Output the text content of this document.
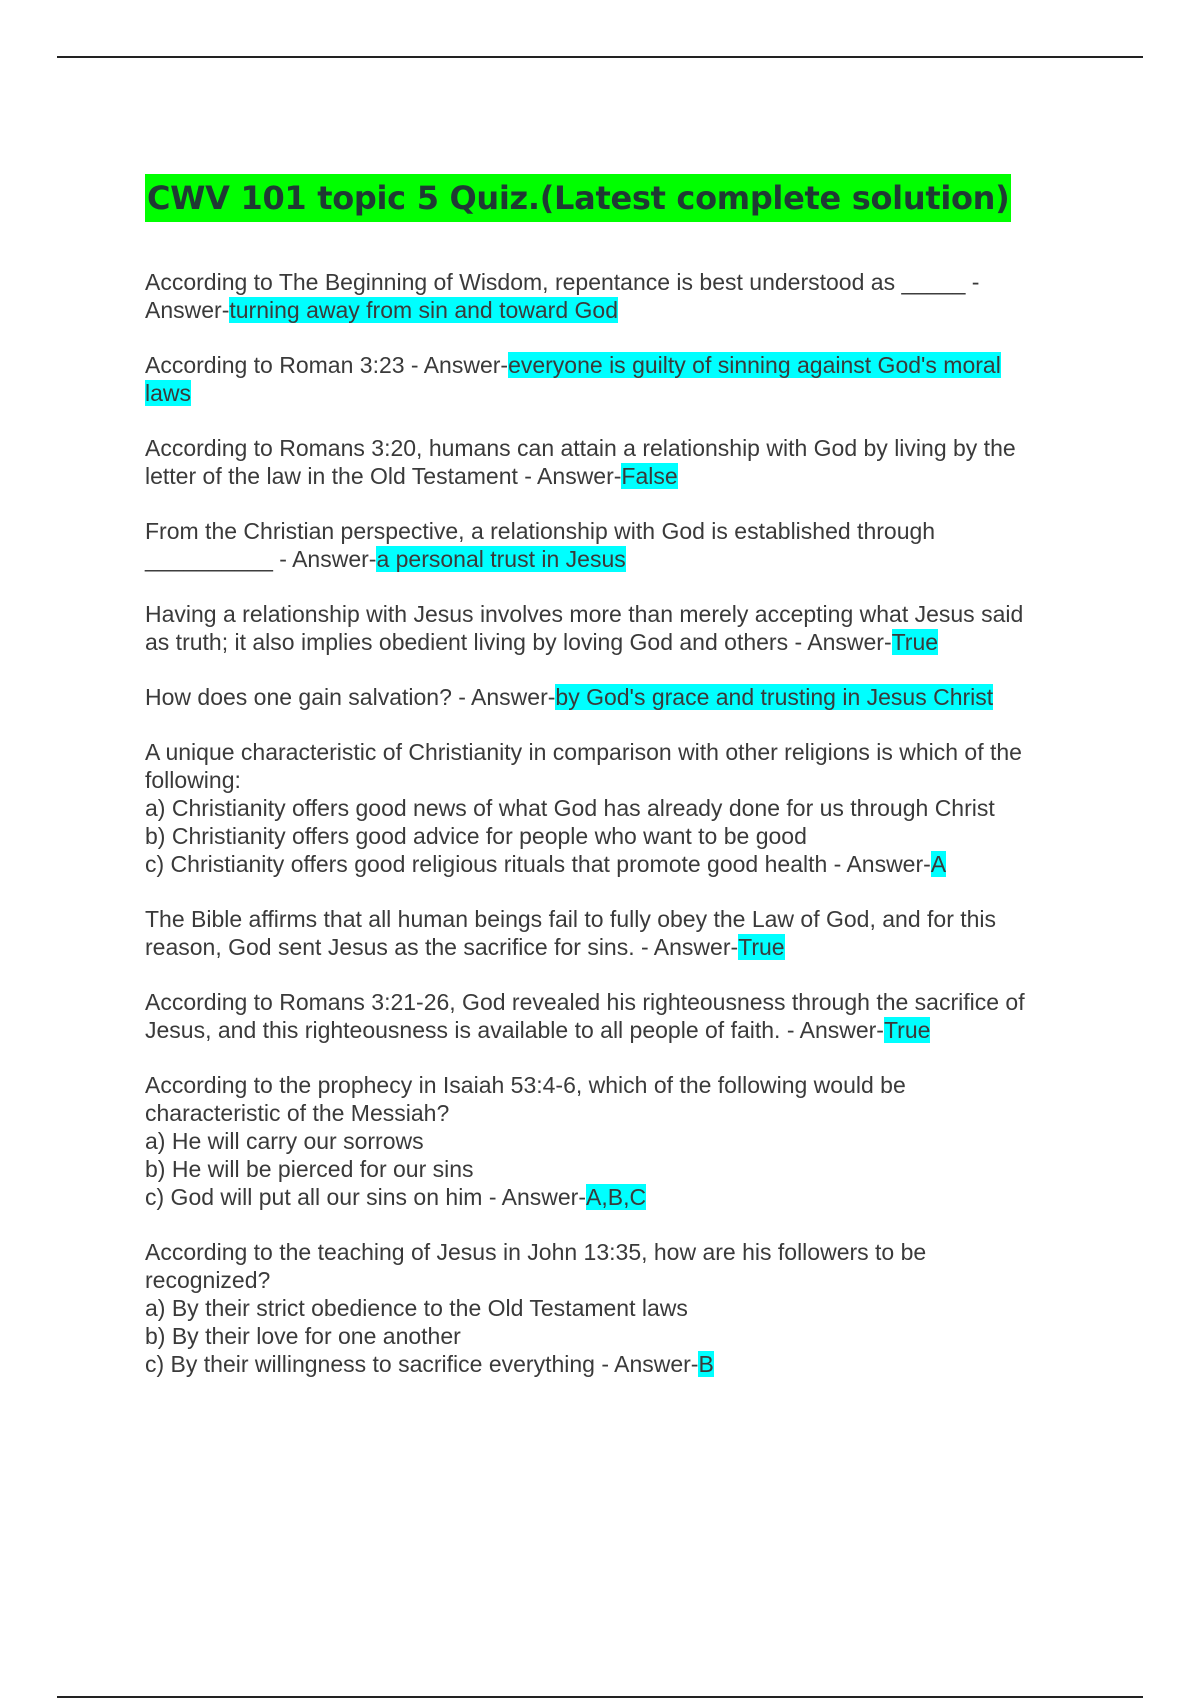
CWV 101 topic 5 Quiz.(Latest complete solution)
According to The Beginning of Wisdom, repentance is best understood as _____ -
Answer-turning away from sin and toward God
According to Roman 3:23 - Answer-everyone is guilty of sinning against God's moral laws
According to Romans 3:20, humans can attain a relationship with God by living by the
letter of the law in the Old Testament - Answer-False
From the Christian perspective, a relationship with God is established through
__________ - Answer-a personal trust in Jesus
Having a relationship with Jesus involves more than merely accepting what Jesus said
as truth; it also implies obedient living by loving God and others - Answer-True
How does one gain salvation? - Answer-by God's grace and trusting in Jesus Christ
A unique characteristic of Christianity in comparison with other religions is which of the
following:
a) Christianity offers good news of what God has already done for us through Christ
b) Christianity offers good advice for people who want to be good
c) Christianity offers good religious rituals that promote good health - Answer-A
The Bible affirms that all human beings fail to fully obey the Law of God, and for this
reason, God sent Jesus as the sacrifice for sins. - Answer-True
According to Romans 3:21-26, God revealed his righteousness through the sacrifice of
Jesus, and this righteousness is available to all people of faith. - Answer-True
According to the prophecy in Isaiah 53:4-6, which of the following would be
characteristic of the Messiah?
a) He will carry our sorrows
b) He will be pierced for our sins
c) God will put all our sins on him - Answer-A,B,C
According to the teaching of Jesus in John 13:35, how are his followers to be
recognized?
a) By their strict obedience to the Old Testament laws
b) By their love for one another
c) By their willingness to sacrifice everything - Answer-B
